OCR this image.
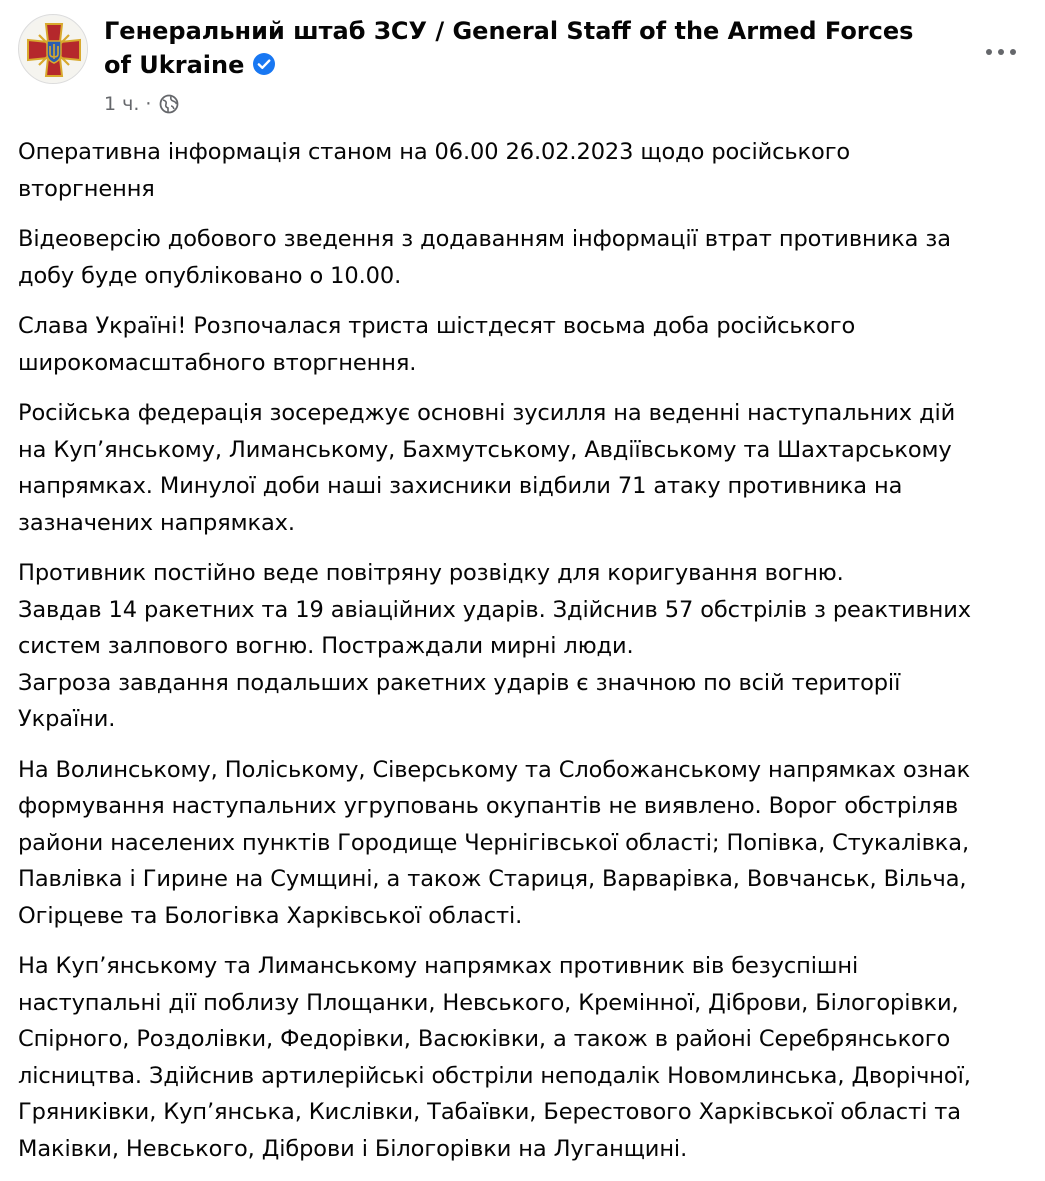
Генеральний штаб ЗСУ / General Staff of the Armed Forces of Ukraine
1 ч. ·

Оперативна інформація станом на 06.00 26.02.2023 щодо російського
вторгнення

Відеоверсію добового зведення з додаванням інформації втрат противника за
добу буде опубліковано о 10.00.

Слава Україні! Розпочалася триста шістдесят восьма доба російського
широкомасштабного вторгнення.

Російська федерація зосереджує основні зусилля на веденні наступальних дій
на Куп’янському, Лиманському, Бахмутському, Авдіївському та Шахтарському
напрямках. Минулої доби наші захисники відбили 71 атаку противника на
зазначених напрямках.

Противник постійно веде повітряну розвідку для коригування вогню.
Завдав 14 ракетних та 19 авіаційних ударів. Здійснив 57 обстрілів з реактивних
систем залпового вогню. Постраждали мирні люди.
Загроза завдання подальших ракетних ударів є значною по всій території
України.

На Волинському, Поліському, Сіверському та Слобожанському напрямках ознак
формування наступальних угруповань окупантів не виявлено. Ворог обстріляв
райони населених пунктів Городище Чернігівської області; Попівка, Стукалівка,
Павлівка і Гирине на Сумщині, а також Стариця, Варварівка, Вовчанськ, Вільча,
Огірцеве та Бологівка Харківської області.

На Куп’янському та Лиманському напрямках противник вів безуспішні
наступальні дії поблизу Площанки, Невського, Кремінної, Діброви, Білогорівки,
Спірного, Роздолівки, Федорівки, Васюківки, а також в районі Серебрянського
лісництва. Здійснив артилерійські обстріли неподалік Новомлинська, Дворічної,
Гряниківки, Куп’янська, Кислівки, Табаївки, Берестового Харківської області та
Маківки, Невського, Діброви і Білогорівки на Луганщині.
